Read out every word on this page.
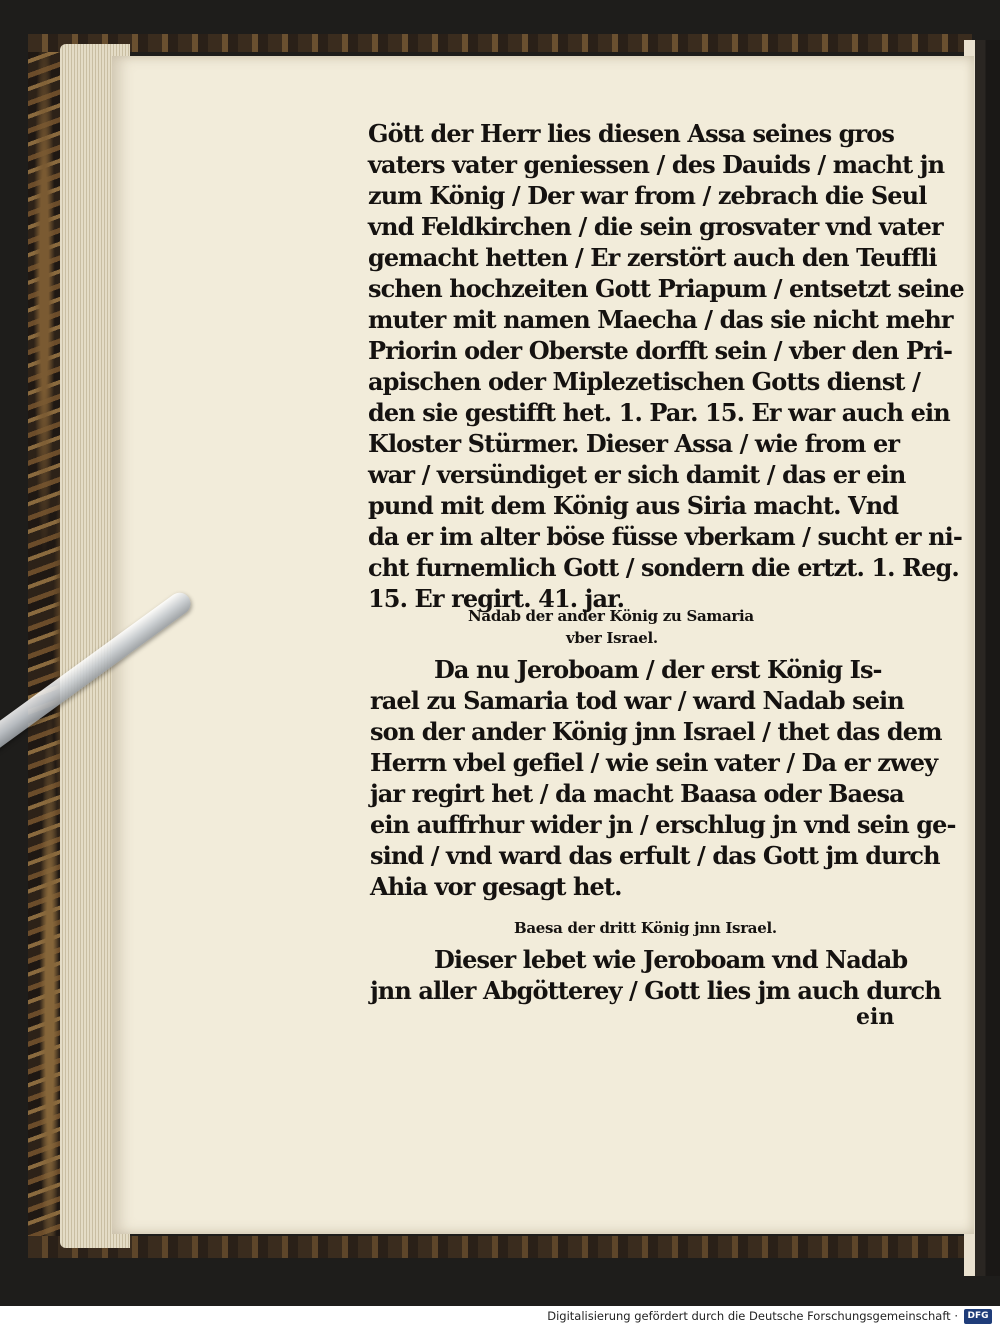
Gött der Herr lies diesen Assa seines gros
vaters vater geniessen / des Dauids / macht jn
zum König / Der war from / zebrach die Seul
vnd Feldkirchen / die sein grosvater vnd vater
gemacht hetten / Er zerstört auch den Teuffli
schen hochzeiten Gott Priapum / entsetzt seine
muter mit namen Maecha / das sie nicht mehr
Priorin oder Oberste dorfft sein / vber den Pri-
apischen oder Miplezetischen Gotts dienst /
den sie gestifft het. 1. Par. 15. Er war auch ein
Kloster Stürmer. Dieser Assa / wie from er
war / versündiget er sich damit / das er ein
pund mit dem König aus Siria macht. Vnd
da er im alter böse füsse vberkam / sucht er ni-
cht furnemlich Gott / sondern die ertzt. 1. Reg.
15. Er regirt. 41. jar.
Nadab der ander König zu Samaria
vber Israel.
Da nu Jeroboam / der erst König Is-
rael zu Samaria tod war / ward Nadab sein
son der ander König jnn Israel / thet das dem
Herrn vbel gefiel / wie sein vater / Da er zwey
jar regirt het / da macht Baasa oder Baesa
ein auffrhur wider jn / erschlug jn vnd sein ge-
sind / vnd ward das erfult / das Gott jm durch
Ahia vor gesagt het.
Baesa der dritt König jnn Israel.
Dieser lebet wie Jeroboam vnd Nadab
jnn aller Abgötterey / Gott lies jm auch durch
ein
Digitalisierung gefördert durch die Deutsche Forschungsgemeinschaft ·	DFG
